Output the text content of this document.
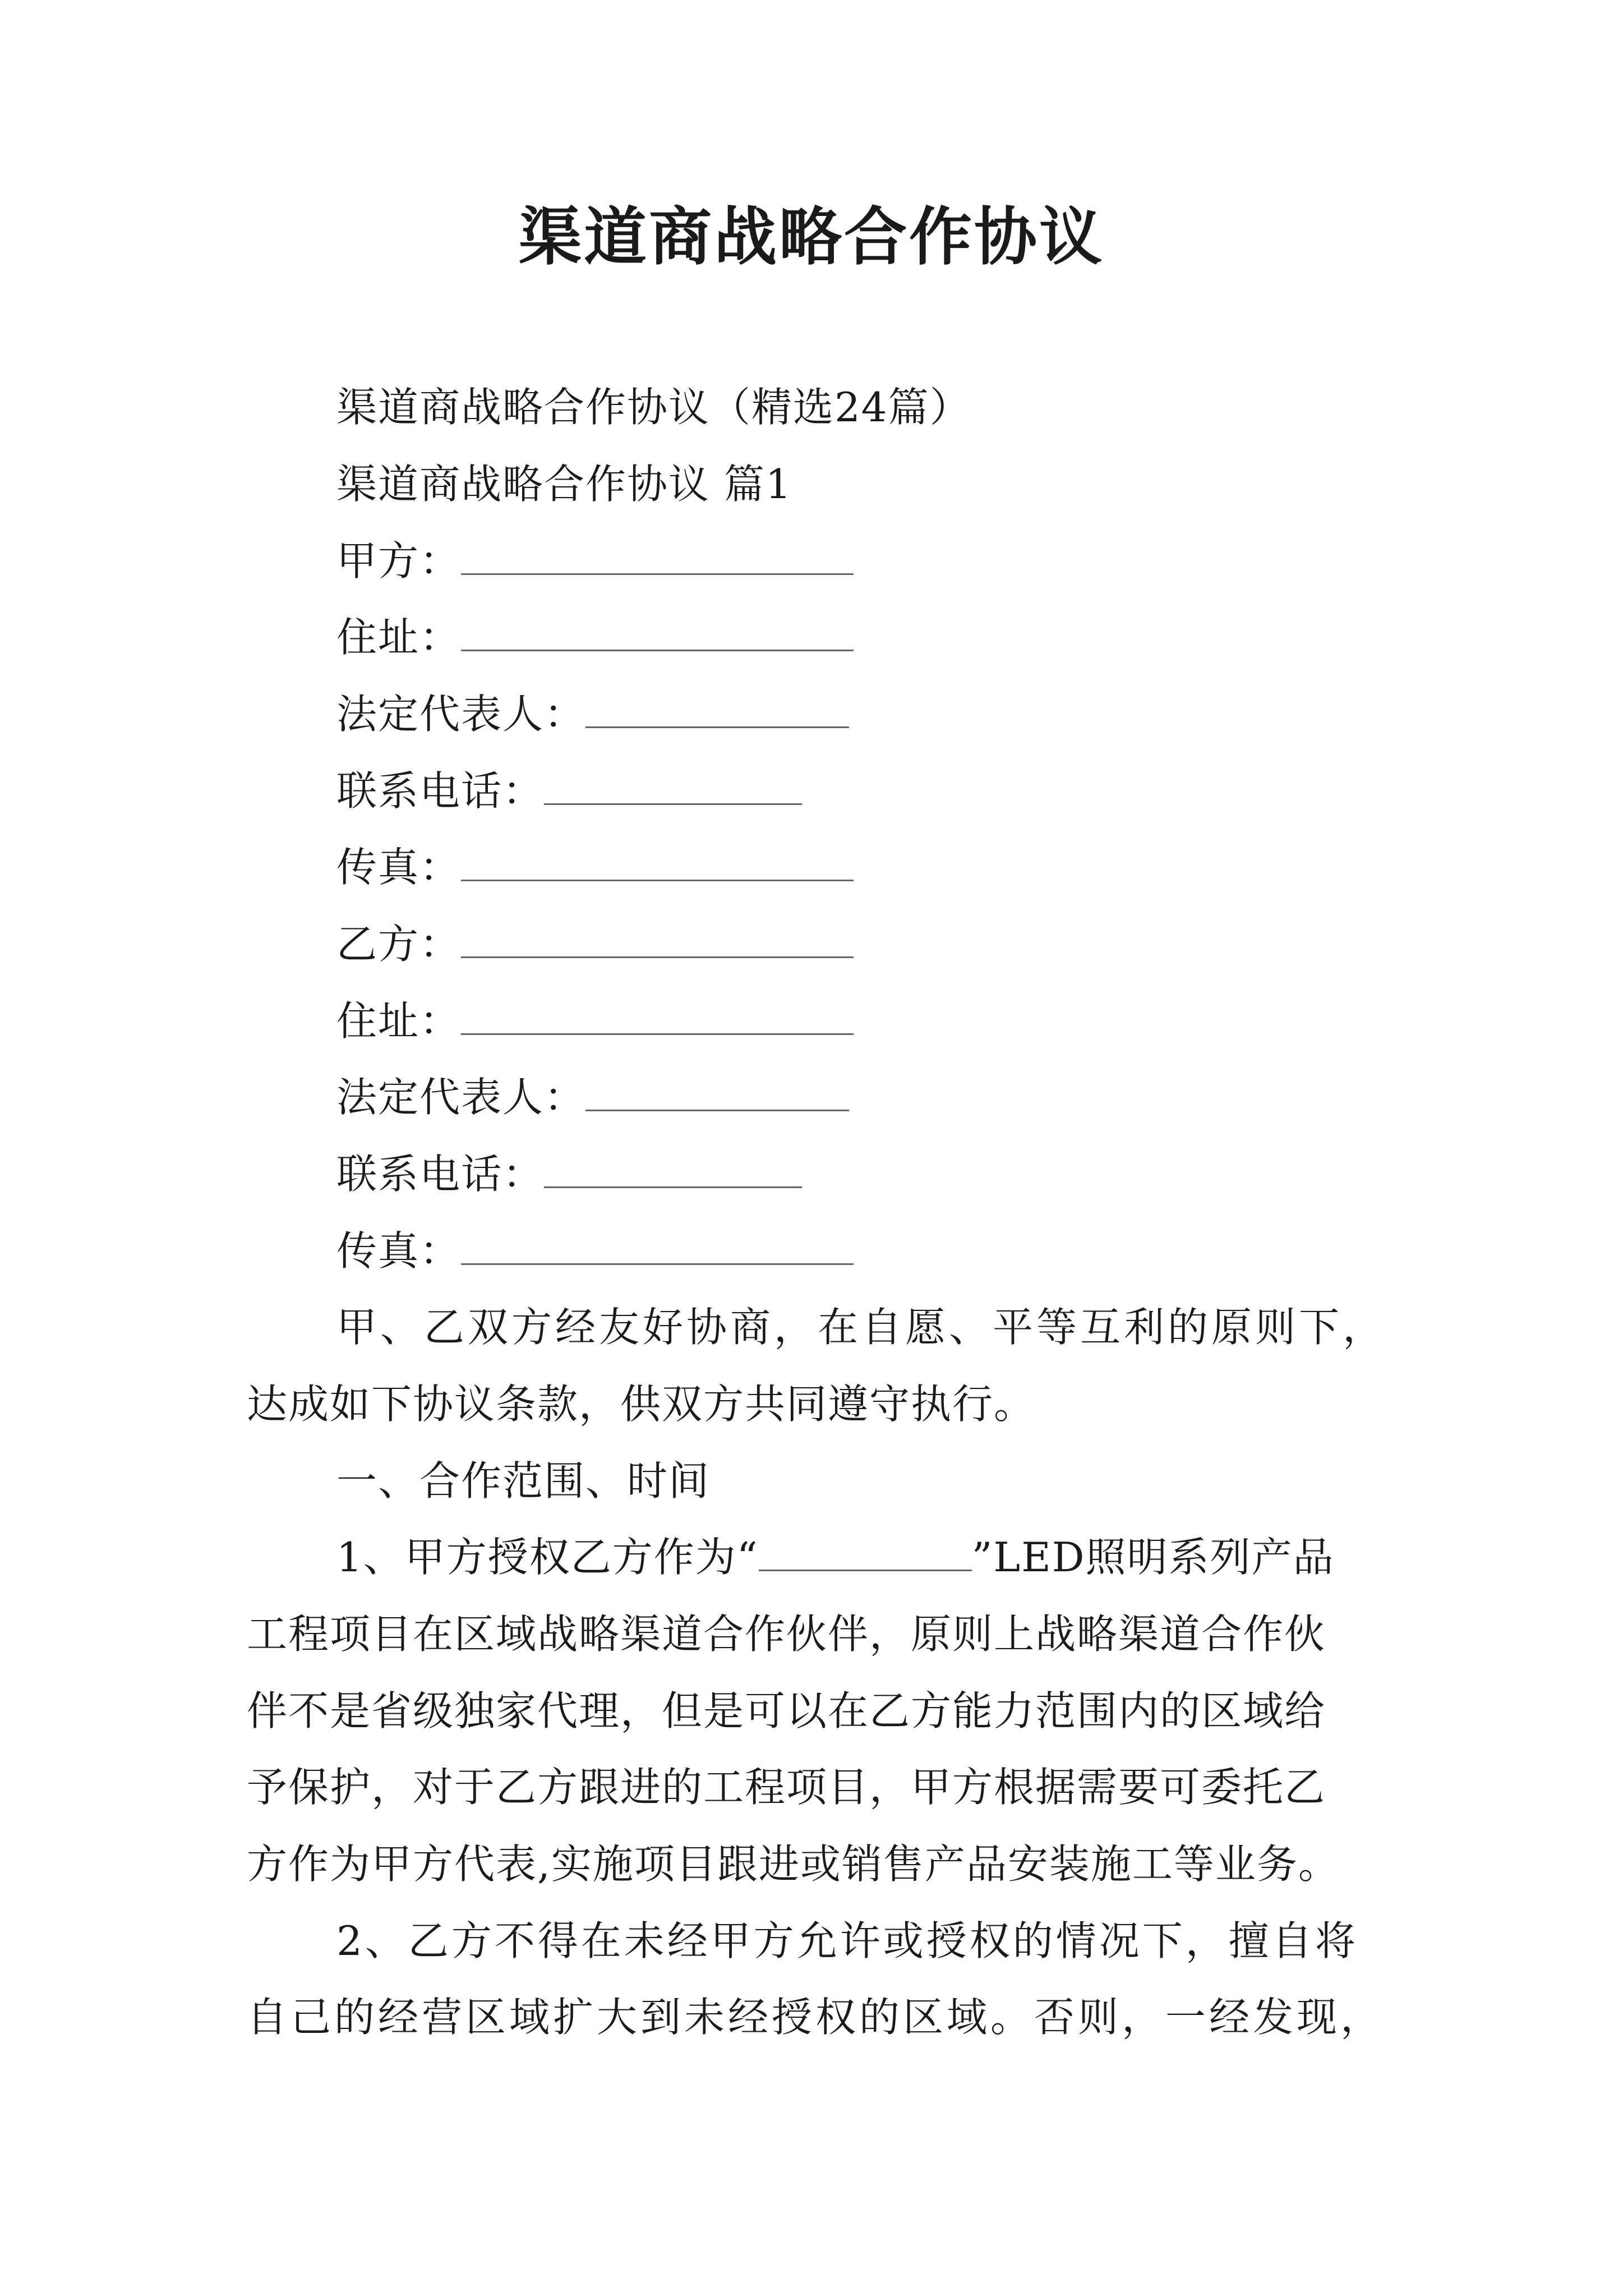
渠道商战略合作协议
渠道商战略合作协议（精选24篇）
渠道商战略合作协议 篇1
甲方：
住址：
法定代表人：
联系电话：
传真：
乙方：
住址：
法定代表人：
联系电话：
传真：
甲、乙双方经友好协商，在自愿、平等互利的原则下，
达成如下协议条款，供双方共同遵守执行。
一、合作范围、时间
1、甲方授权乙方作为“	”LED照明系列产品
工程项目在区域战略渠道合作伙伴，原则上战略渠道合作伙
伴不是省级独家代理，但是可以在乙方能力范围内的区域给
予保护，对于乙方跟进的工程项目，甲方根据需要可委托乙
方作为甲方代表,实施项目跟进或销售产品安装施工等业务。
2、乙方不得在未经甲方允许或授权的情况下，擅自将
自己的经营区域扩大到未经授权的区域。否则，一经发现，
